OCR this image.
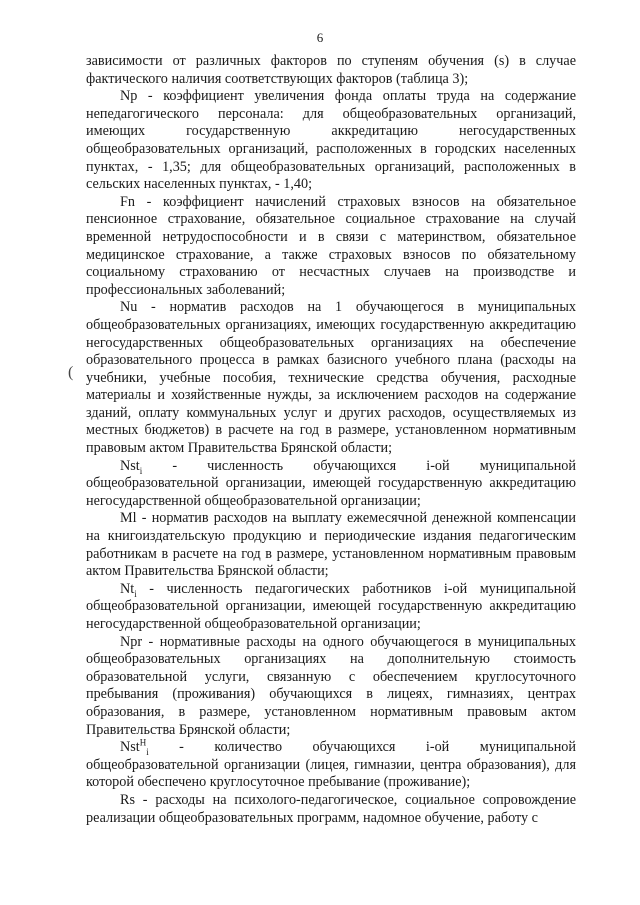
6
(

зависимости от различных факторов по ступеням обучения (s) в случае фактического наличия соответствующих факторов (таблица 3);

Np - коэффициент увеличения фонда оплаты труда на содержание непедагогического персонала: для общеобразовательных организаций, имеющих государственную аккредитацию негосударственных общеобразовательных организаций, расположенных в городских населенных пунктах, - 1,35; для общеобразовательных организаций, расположенных в сельских населенных пунктах, - 1,40;

Fn - коэффициент начислений страховых взносов на обязательное пенсионное страхование, обязательное социальное страхование на случай временной нетрудоспособности и в связи с материнством, обязательное медицинское страхование, а также страховых взносов по обязательному социальному страхованию от несчастных случаев на производстве и профессиональных заболеваний;

Nu - норматив расходов на 1 обучающегося в муниципальных общеобразовательных организациях, имеющих государственную аккредитацию негосударственных общеобразовательных организациях на обеспечение образовательного процесса в рамках базисного учебного плана (расходы на учебники, учебные пособия, технические средства обучения, расходные материалы и хозяйственные нужды, за исключением расходов на содержание зданий, оплату коммунальных услуг и других расходов, осуществляемых из местных бюджетов) в расчете на год в размере, установленном нормативным правовым актом Правительства Брянской области;

Nst$_i$ - численность обучающихся i-ой муниципальной общеобразовательной организации, имеющей государственную аккредитацию негосударственной общеобразовательной организации;

Ml - норматив расходов на выплату ежемесячной денежной компенсации на книгоиздательскую продукцию и периодические издания педагогическим работникам в расчете на год в размере, установленном нормативным правовым актом Правительства Брянской области;

$Nt_i$ - численность педагогических работников i-ой муниципальной общеобразовательной организации, имеющей государственную аккредитацию негосударственной общеобразовательной организации;

Npr - нормативные расходы на одного обучающегося в муниципальных общеобразовательных организациях на дополнительную стоимость образовательной услуги, связанную с обеспечением круглосуточного пребывания (проживания) обучающихся в лицеях, гимназиях, центрах образования, в размере, установленном нормативным правовым актом Правительства Брянской области;

Nst$^H_i$ - количество обучающихся i-ой муниципальной общеобразовательной организации (лицея, гимназии, центра образования), для которой обеспечено круглосуточное пребывание (проживание);

Rs - расходы на психолого-педагогическое, социальное сопровождение реализации общеобразовательных программ, надомное обучение, работу с
